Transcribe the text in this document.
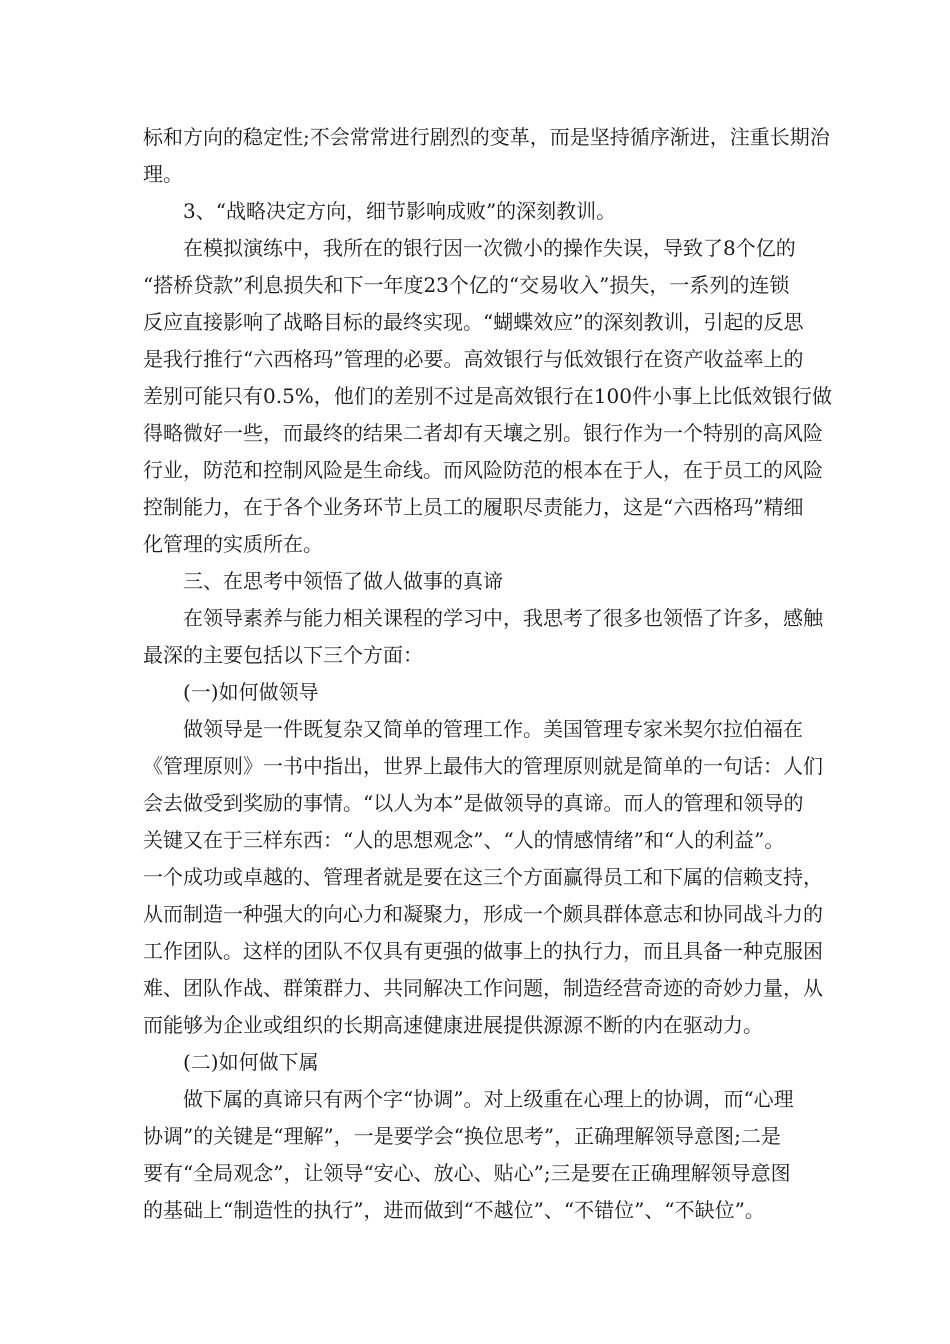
标和方向的稳定性;不会常常进行剧烈的变革，而是坚持循序渐进，注重长期治
理。
3、“战略决定方向，细节影响成败”的深刻教训。
在模拟演练中，我所在的银行因一次微小的操作失误，导致了8个亿的
“搭桥贷款”利息损失和下一年度23个亿的“交易收入”损失，一系列的连锁
反应直接影响了战略目标的最终实现。“蝴蝶效应”的深刻教训，引起的反思
是我行推行“六西格玛”管理的必要。高效银行与低效银行在资产收益率上的
差别可能只有0.5%，他们的差别不过是高效银行在100件小事上比低效银行做
得略微好一些，而最终的结果二者却有天壤之别。银行作为一个特别的高风险
行业，防范和控制风险是生命线。而风险防范的根本在于人，在于员工的风险
控制能力，在于各个业务环节上员工的履职尽责能力，这是“六西格玛”精细
化管理的实质所在。
三、在思考中领悟了做人做事的真谛
在领导素养与能力相关课程的学习中，我思考了很多也领悟了许多，感触
最深的主要包括以下三个方面：
(一)如何做领导
做领导是一件既复杂又简单的管理工作。美国管理专家米契尔拉伯福在
《管理原则》一书中指出，世界上最伟大的管理原则就是简单的一句话：人们
会去做受到奖励的事情。“以人为本”是做领导的真谛。而人的管理和领导的
关键又在于三样东西：“人的思想观念”、“人的情感情绪”和“人的利益”。
一个成功或卓越的、管理者就是要在这三个方面赢得员工和下属的信赖支持，
从而制造一种强大的向心力和凝聚力，形成一个颇具群体意志和协同战斗力的
工作团队。这样的团队不仅具有更强的做事上的执行力，而且具备一种克服困
难、团队作战、群策群力、共同解决工作问题，制造经营奇迹的奇妙力量，从
而能够为企业或组织的长期高速健康进展提供源源不断的内在驱动力。
(二)如何做下属
做下属的真谛只有两个字“协调”。对上级重在心理上的协调，而“心理
协调”的关键是“理解”，一是要学会“换位思考”，正确理解领导意图;二是
要有“全局观念”，让领导“安心、放心、贴心”;三是要在正确理解领导意图
的基础上“制造性的执行”，进而做到“不越位”、“不错位”、“不缺位”。
